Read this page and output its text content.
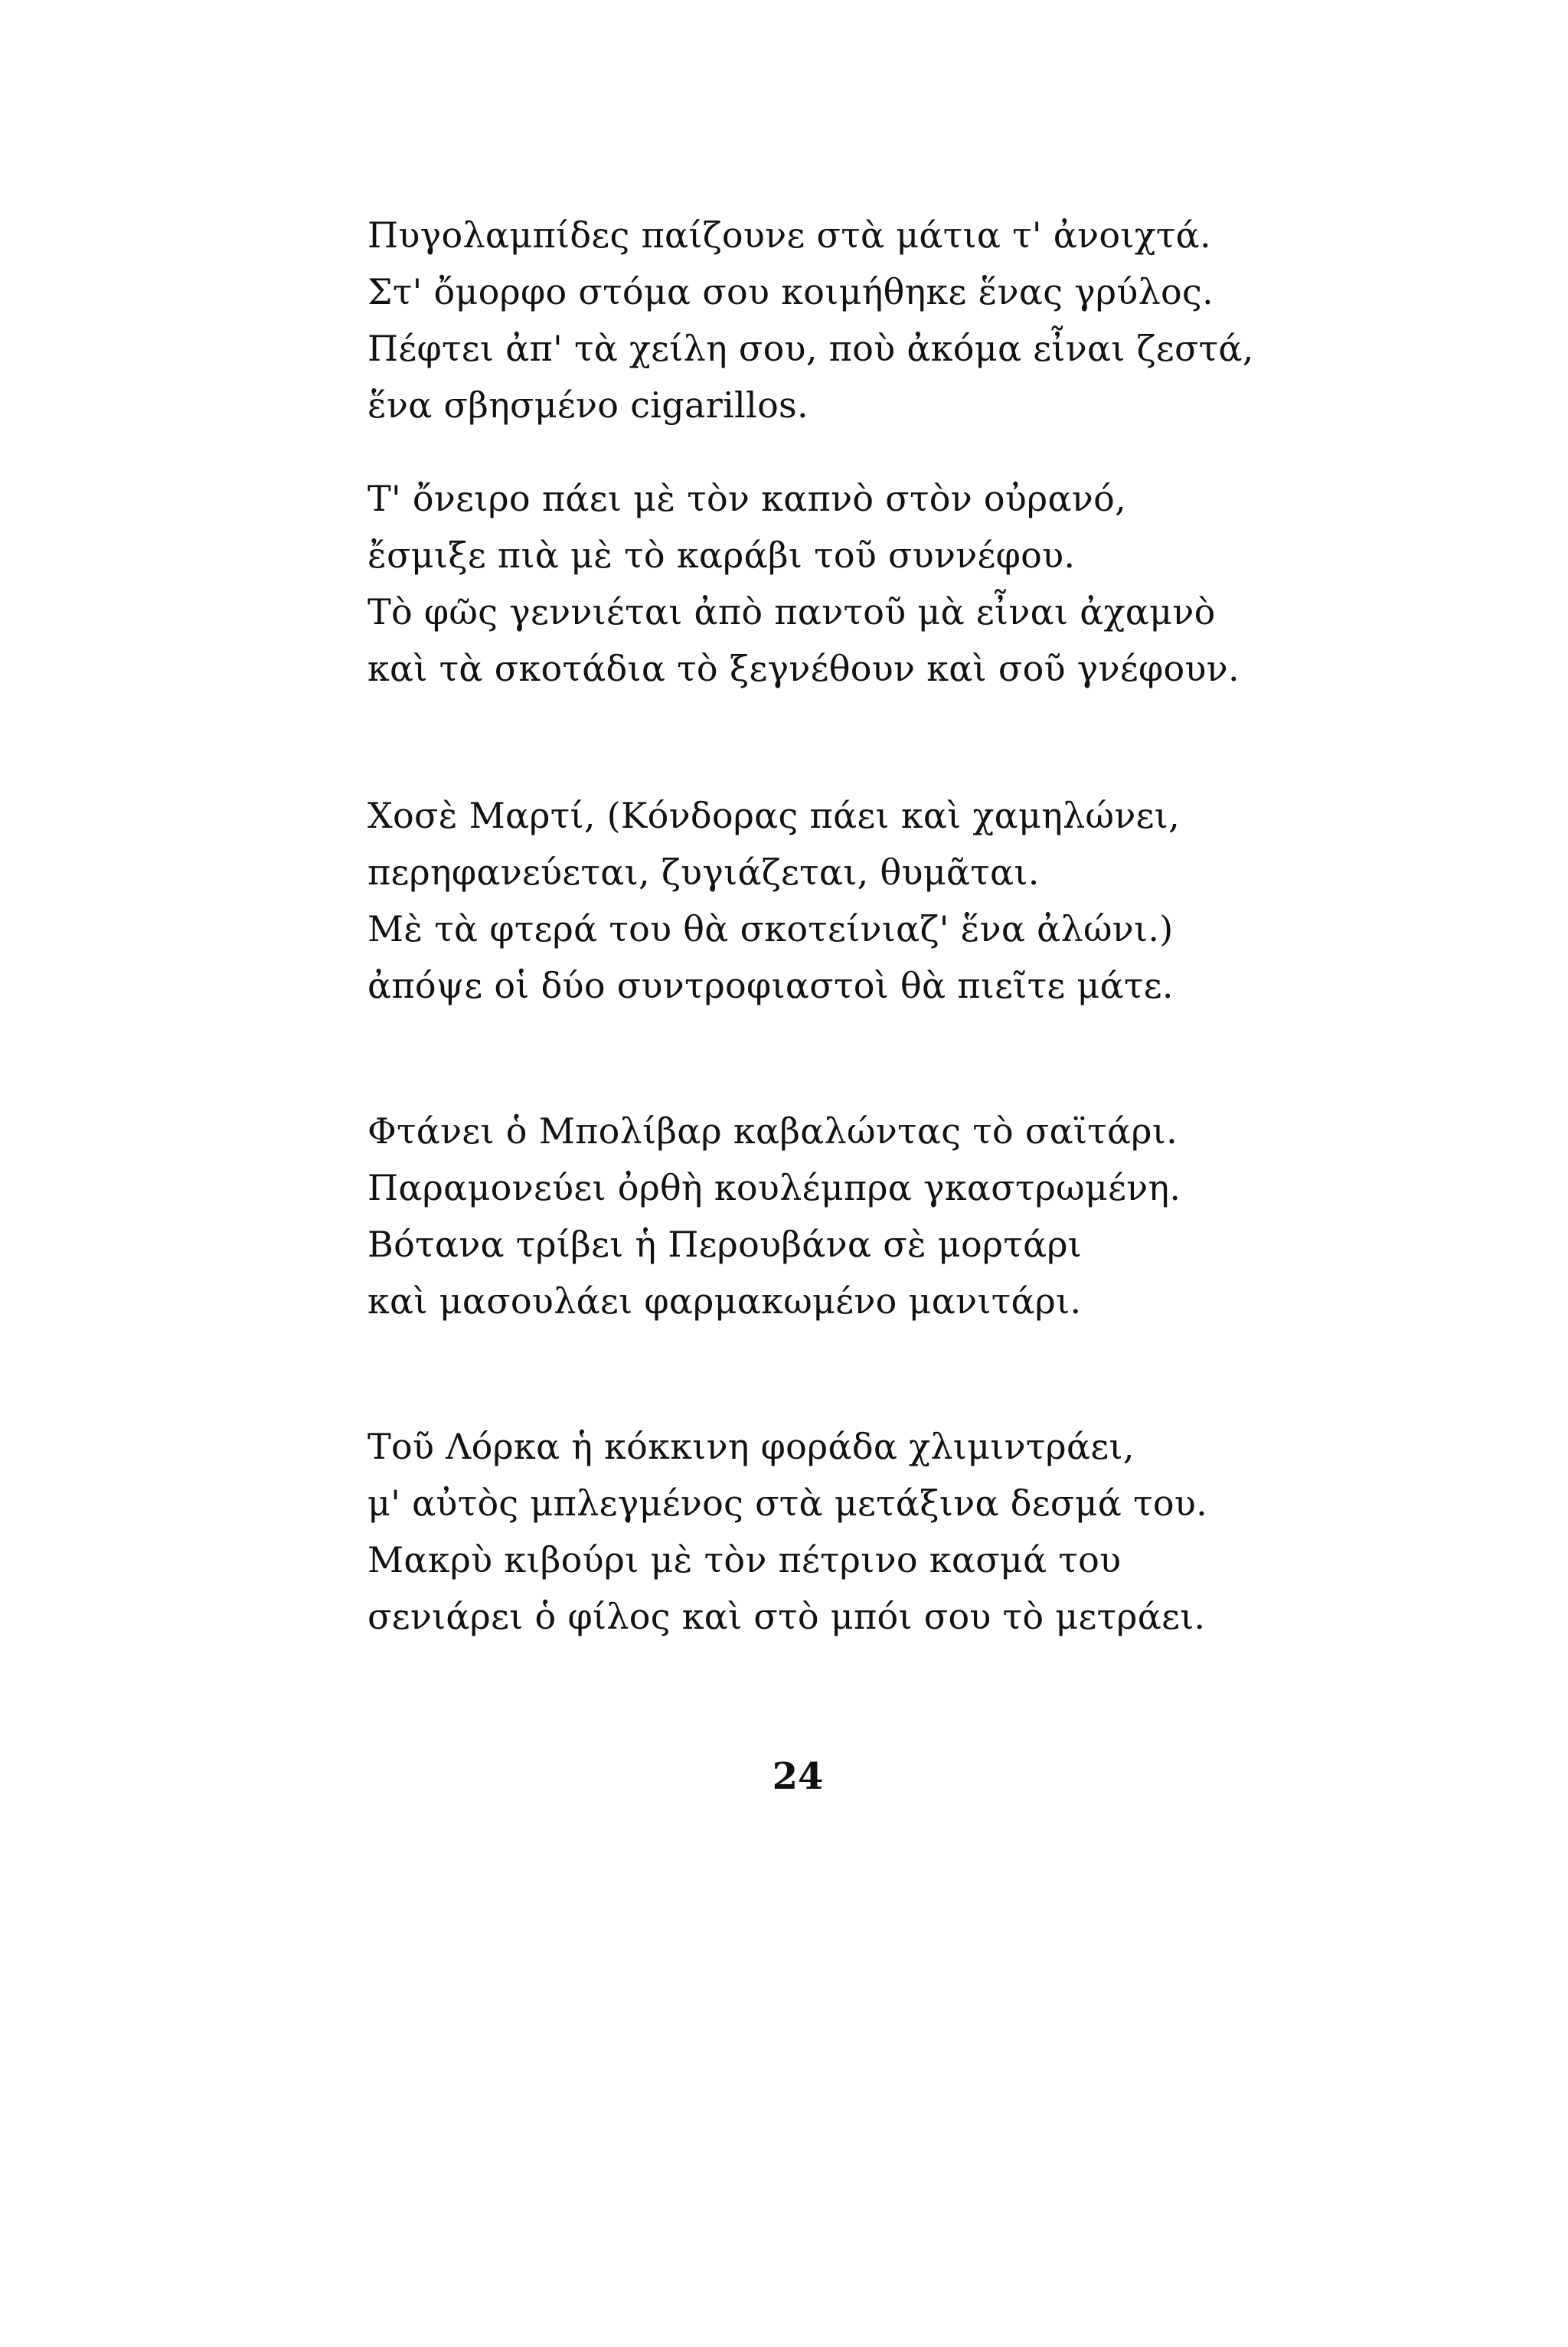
Πυγολαμπίδες παίζουνε στὰ μάτια τ' ἀνοιχτά.
Στ' ὄμορφο στόμα σου κοιμήθηκε ἕνας γρύλος.
Πέφτει ἀπ' τὰ χείλη σου, ποὺ ἀκόμα εἶναι ζεστά,
ἕνα σβησμένο cigarillos.
Τ' ὄνειρο πάει μὲ τὸν καπνὸ στὸν οὐρανό,
ἔσμιξε πιὰ μὲ τὸ καράβι τοῦ συννέφου.
Τὸ φῶς γεννιέται ἀπὸ παντοῦ μὰ εἶναι ἀχαμνὸ
καὶ τὰ σκοτάδια τὸ ξεγνέθουν καὶ σοῦ γνέφουν.
Χοσὲ Μαρτί, (Κόνδορας πάει καὶ χαμηλώνει,
περηφανεύεται, ζυγιάζεται, θυμᾶται.
Μὲ τὰ φτερά του θὰ σκοτείνιαζ' ἕνα ἀλώνι.)
ἀπόψε οἱ δύο συντροφιαστοὶ θὰ πιεῖτε μάτε.
Φτάνει ὁ Μπολίβαρ καβαλώντας τὸ σαϊτάρι.
Παραμονεύει ὀρθὴ κουλέμπρα γκαστρωμένη.
Βότανα τρίβει ἡ Περουβάνα σὲ μορτάρι
καὶ μασουλάει φαρμακωμένο μανιτάρι.
Τοῦ Λόρκα ἡ κόκκινη φοράδα χλιμιντράει,
μ' αὐτὸς μπλεγμένος στὰ μετάξινα δεσμά του.
Μακρὺ κιβούρι μὲ τὸν πέτρινο κασμά του
σενιάρει ὁ φίλος καὶ στὸ μπόι σου τὸ μετράει.
24
